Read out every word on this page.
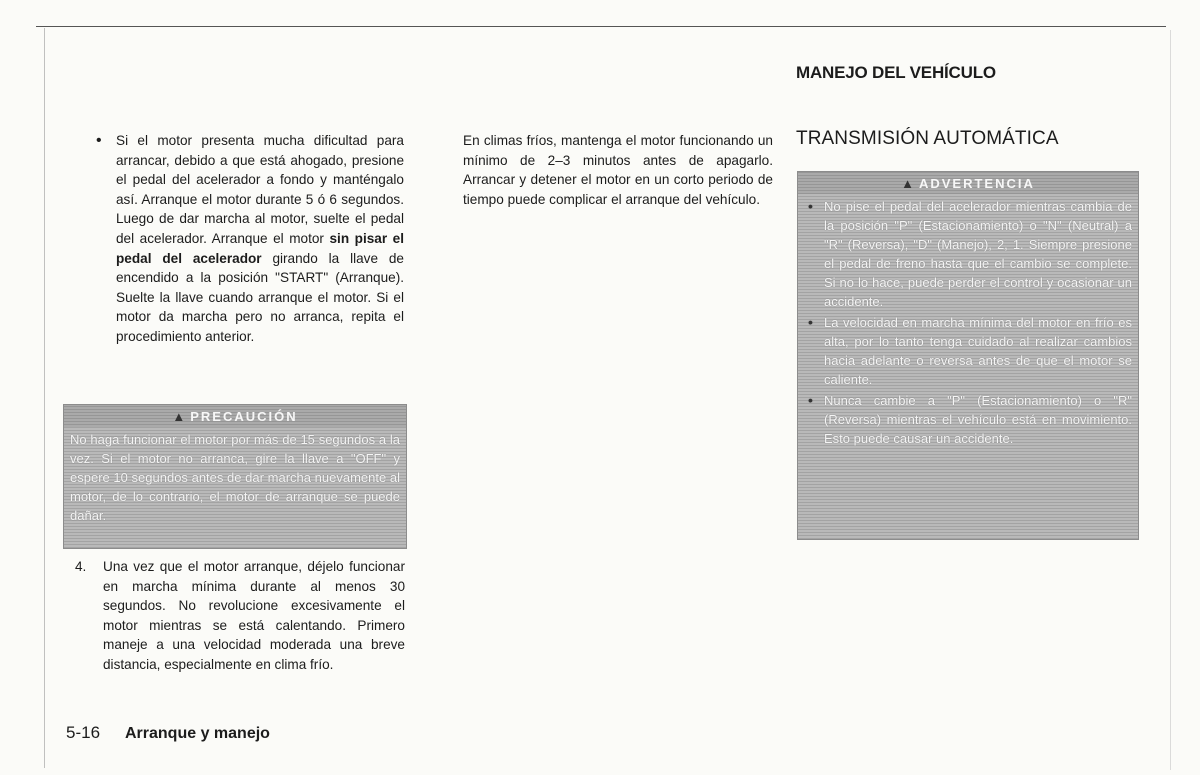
MANEJO DEL VEHÍCULO
TRANSMISIÓN AUTOMÁTICA

• Si el motor presenta mucha dificultad para arrancar, debido a que está ahogado, presione el pedal del acelerador a fondo y manténgalo así. Arranque el motor durante 5 ó 6 segundos. Luego de dar marcha al motor, suelte el pedal del acelerador. Arranque el motor sin pisar el pedal del acelerador girando la llave de encendido a la posición "START" (Arranque). Suelte la llave cuando arranque el motor. Si el motor da marcha pero no arranca, repita el procedimiento anterior.

▲ PRECAUCIÓN

No haga funcionar el motor por más de 15 segundos a la vez. Si el motor no arranca, gire la llave a "OFF" y espere 10 segundos antes de dar marcha nuevamente al motor, de lo contrario, el motor de arranque se puede dañar.

4. Una vez que el motor arranque, déjelo funcionar en marcha mínima durante al menos 30 segundos. No revolucione excesivamente el motor mientras se está calentando. Primero maneje a una velocidad moderada una breve distancia, especialmente en clima frío.

En climas fríos, mantenga el motor funcionando un mínimo de 2–3 minutos antes de apagarlo. Arrancar y detener el motor en un corto periodo de tiempo puede complicar el arranque del vehículo.

▲ ADVERTENCIA

• No pise el pedal del acelerador mientras cambia de la posición "P" (Estacionamiento) o "N" (Neutral) a "R" (Reversa), "D" (Manejo), 2, 1. Siempre presione el pedal de freno hasta que el cambio se complete. Si no lo hace, puede perder el control y ocasionar un accidente.

• La velocidad en marcha mínima del motor en frío es alta, por lo tanto tenga cuidado al realizar cambios hacia adelante o reversa antes de que el motor se caliente.

• Nunca cambie a "P" (Estacionamiento) o "R" (Reversa) mientras el vehículo está en movimiento. Esto puede causar un accidente.

5-16 Arranque y manejo
